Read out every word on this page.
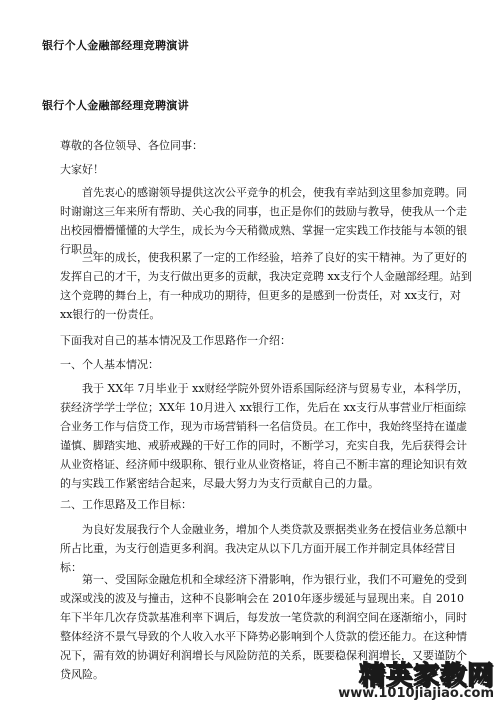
银行个人金融部经理竞聘演讲
银行个人金融部经理竞聘演讲
尊敬的各位领导、各位同事：
大家好！
首先衷心的感谢领导提供这次公平竞争的机会，使我有幸站到这里参加竞聘。同时谢谢这三年来所有帮助、关心我的同事，也正是你们的鼓励与教导，使我从一个走出校园懵懵懂懂的大学生，成长为今天稍微成熟、掌握一定实践工作技能与本领的银行职员。
三年的成长，使我积累了一定的工作经验，培养了良好的实干精神。为了更好的发挥自己的才干，为支行做出更多的贡献，我决定竞聘 xx支行个人金融部经理。站到这个竞聘的舞台上，有一种成功的期待，但更多的是感到一份责任，对 xx支行，对 xx银行的一份责任。
下面我对自己的基本情况及工作思路作一介绍：
一、个人基本情况：
我于 XX年 7月毕业于 xx财经学院外贸外语系国际经济与贸易专业，本科学历，获经济学学士学位；XX年 10月进入 xx银行工作，先后在 xx支行从事营业厅柜面综合业务工作与信贷工作，现为市场营销科一名信贷员。在工作中，我始终坚持在谨虚谨慎、脚踏实地、戒骄戒躁的干好工作的同时，不断学习，充实自我，先后获得会计从业资格证、经济师中级职称、银行业从业资格证，将自己不断丰富的理论知识有效的与实践工作紧密结合起来，尽最大努力为支行贡献自己的力量。
二、工作思路及工作目标：
为良好发展我行个人金融业务，增加个人类贷款及票据类业务在授信业务总额中所占比重，为支行创造更多利润。我决定从以下几方面开展工作并制定具体经营目标：
第一、受国际金融危机和全球经济下滑影响，作为银行业，我们不可避免的受到或深或浅的波及与撞击，这种不良影响会在 2010年逐步缓延与显现出来。自 2010年下半年几次存贷款基准利率下调后，每发放一笔贷款的利润空间在逐渐缩小，同时整体经济不景气导致的个人收入水平下降势必影响到个人贷款的偿还能力。在这种情况下，需有效的协调好利润增长与风险防范的关系，既要稳保利润增长，又要谨防个贷风险。	精英家教网
www.1010jiajiao.com
